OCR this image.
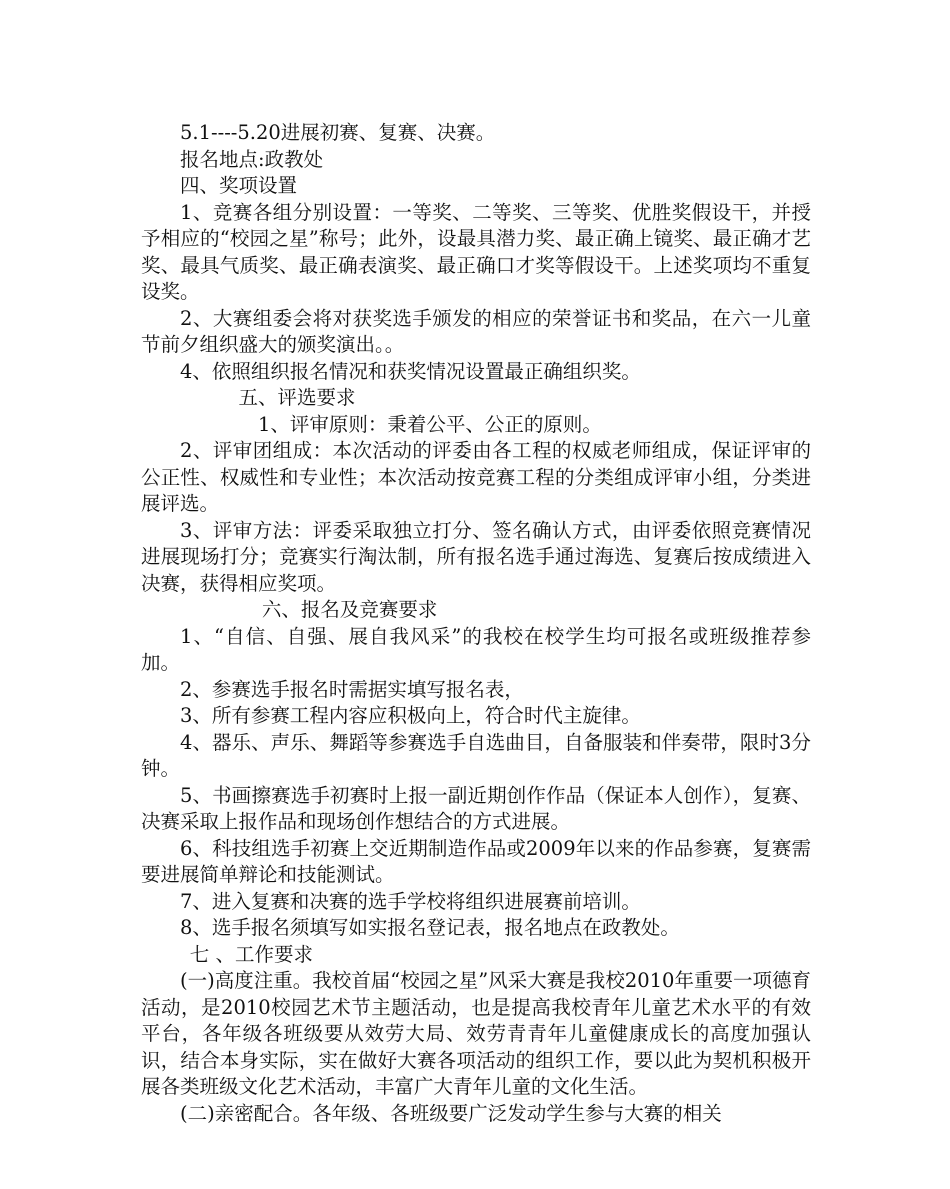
5.1----5.20进展初赛、复赛、决赛。

报名地点:政教处

四、奖项设置

1、竞赛各组分别设置：一等奖、二等奖、三等奖、优胜奖假设干，并授予相应的“校园之星”称号；此外，设最具潜力奖、最正确上镜奖、最正确才艺奖、最具气质奖、最正确表演奖、最正确口才奖等假设干。上述奖项均不重复设奖。

2、大赛组委会将对获奖选手颁发的相应的荣誉证书和奖品，在六一儿童节前夕组织盛大的颁奖演出。。

4、依照组织报名情况和获奖情况设置最正确组织奖。

五、评选要求

1、评审原则：秉着公平、公正的原则。

2、评审团组成：本次活动的评委由各工程的权威老师组成，保证评审的公正性、权威性和专业性；本次活动按竞赛工程的分类组成评审小组，分类进展评选。

3、评审方法：评委采取独立打分、签名确认方式，由评委依照竞赛情况进展现场打分；竞赛实行淘汰制，所有报名选手通过海选、复赛后按成绩进入决赛，获得相应奖项。

六、报名及竞赛要求

1、“自信、自强、展自我风采”的我校在校学生均可报名或班级推荐参加。

2、参赛选手报名时需据实填写报名表，

3、所有参赛工程内容应积极向上，符合时代主旋律。

4、器乐、声乐、舞蹈等参赛选手自选曲目，自备服装和伴奏带，限时3分钟。

5、书画擦赛选手初赛时上报一副近期创作作品（保证本人创作），复赛、决赛采取上报作品和现场创作想结合的方式进展。

6、科技组选手初赛上交近期制造作品或2009年以来的作品参赛，复赛需要进展简单辩论和技能测试。

7、进入复赛和决赛的选手学校将组织进展赛前培训。

8、选手报名须填写如实报名登记表，报名地点在政教处。

七 、工作要求

(一)高度注重。我校首届“校园之星”风采大赛是我校2010年重要一项德育活动，是2010校园艺术节主题活动，也是提高我校青年儿童艺术水平的有效平台，各年级各班级要从效劳大局、效劳青青年儿童健康成长的高度加强认识，结合本身实际，实在做好大赛各项活动的组织工作，要以此为契机积极开展各类班级文化艺术活动，丰富广大青年儿童的文化生活。

(二)亲密配合。各年级、各班级要广泛发动学生参与大赛的相关
